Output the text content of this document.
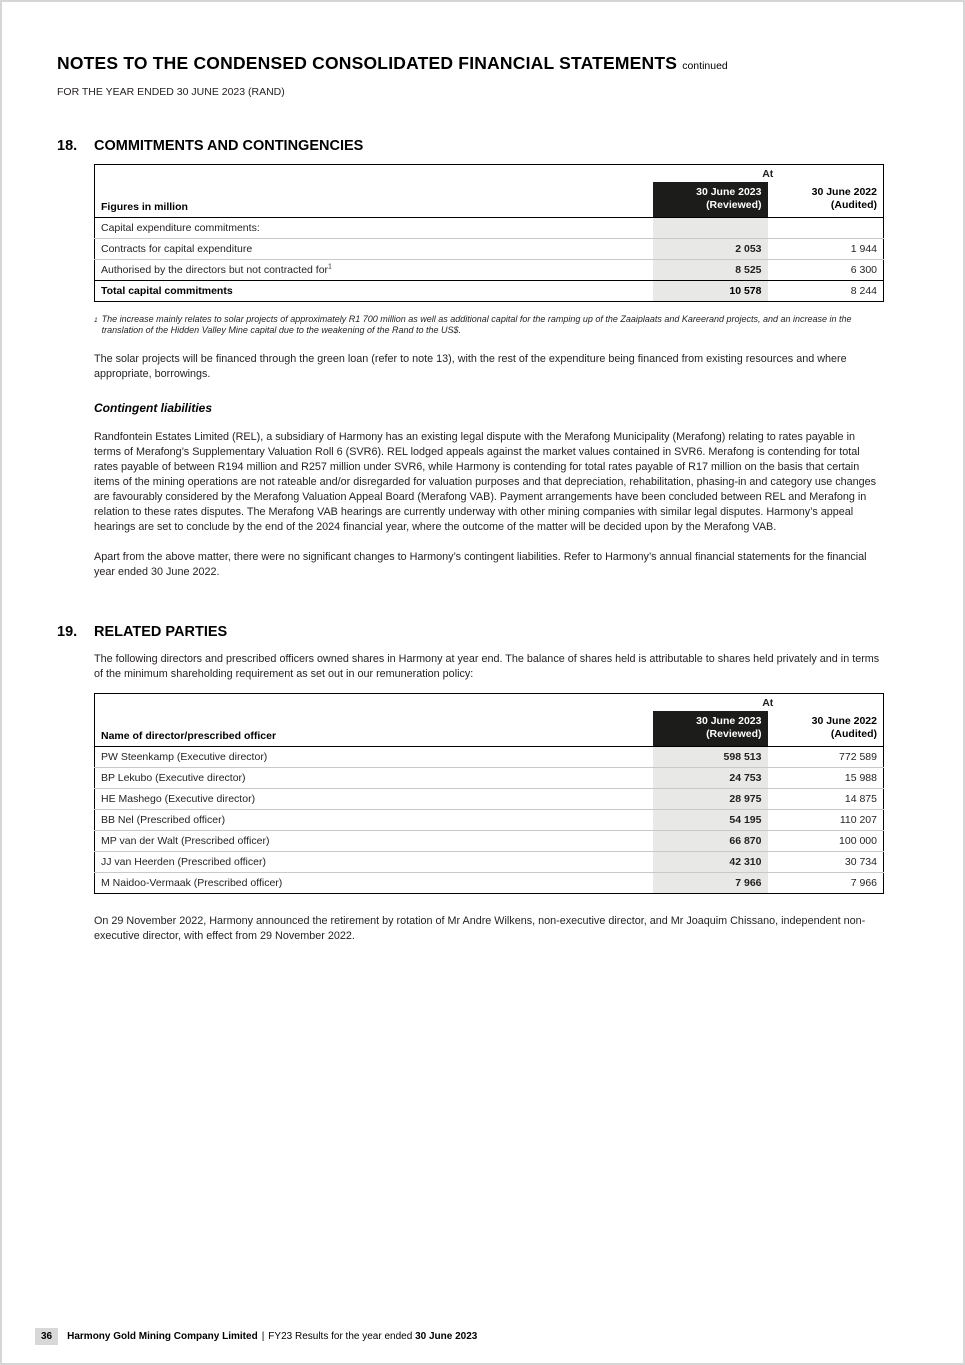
NOTES TO THE CONDENSED CONSOLIDATED FINANCIAL STATEMENTS continued
FOR THE YEAR ENDED 30 JUNE 2023 (RAND)
18.	COMMITMENTS AND CONTINGENCIES
	At	
Figures in million	
30 June 2023
(Reviewed)

30 June 2022
(Audited)

Capital expenditure commitments:		
Contracts for capital expenditure	2 053	1 944
Authorised by the directors but not contracted for$^1$	8 525	6 300
Total capital commitments	10 578	8 244
1 The increase mainly relates to solar projects of approximately R1 700 million as well as additional capital for the ramping up of the Zaaiplaats and Kareerand projects, and an increase in the translation of the Hidden Valley Mine capital due to the weakening of the Rand to the US$.

The solar projects will be financed through the green loan (refer to note 13), with the rest of the expenditure being financed from existing resources and where appropriate, borrowings.

Contingent liabilities

Randfontein Estates Limited (REL), a subsidiary of Harmony has an existing legal dispute with the Merafong Municipality (Merafong) relating to rates payable in terms of Merafong’s Supplementary Valuation Roll 6 (SVR6). REL lodged appeals against the market values contained in SVR6. Merafong is contending for total rates payable of between R194 million and R257 million under SVR6, while Harmony is contending for total rates payable of R17 million on the basis that certain items of the mining operations are not rateable and/or disregarded for valuation purposes and that depreciation, rehabilitation, phasing-in and category use changes are favourably considered by the Merafong Valuation Appeal Board (Merafong VAB). Payment arrangements have been concluded between REL and Merafong in relation to these rates disputes. The Merafong VAB hearings are currently underway with other mining companies with similar legal disputes. Harmony’s appeal hearings are set to conclude by the end of the 2024 financial year, where the outcome of the matter will be decided upon by the Merafong VAB.

Apart from the above matter, there were no significant changes to Harmony’s contingent liabilities. Refer to Harmony’s annual financial statements for the financial year ended 30 June 2022.

19.	RELATED PARTIES

The following directors and prescribed officers owned shares in Harmony at year end. The balance of shares held is attributable to shares held privately and in terms of the minimum shareholding requirement as set out in our remuneration policy:

	At	
Name of director/prescribed officer	
30 June 2023
(Reviewed)

30 June 2022
(Audited)

PW Steenkamp (Executive director)	598 513	772 589
BP Lekubo (Executive director)	24 753	15 988
HE Mashego (Executive director)	28 975	14 875
BB Nel (Prescribed officer)	54 195	110 207
MP van der Walt (Prescribed officer)	66 870	100 000
JJ van Heerden (Prescribed officer)	42 310	30 734
M Naidoo-Vermaak (Prescribed officer)	7 966	7 966

On 29 November 2022, Harmony announced the retirement by rotation of Mr Andre Wilkens, non-executive director, and Mr Joaquim Chissano, independent non-executive director, with effect from 29 November 2022.

36	Harmony Gold Mining Company Limited | FY23 Results for the year ended
30 June 2023
